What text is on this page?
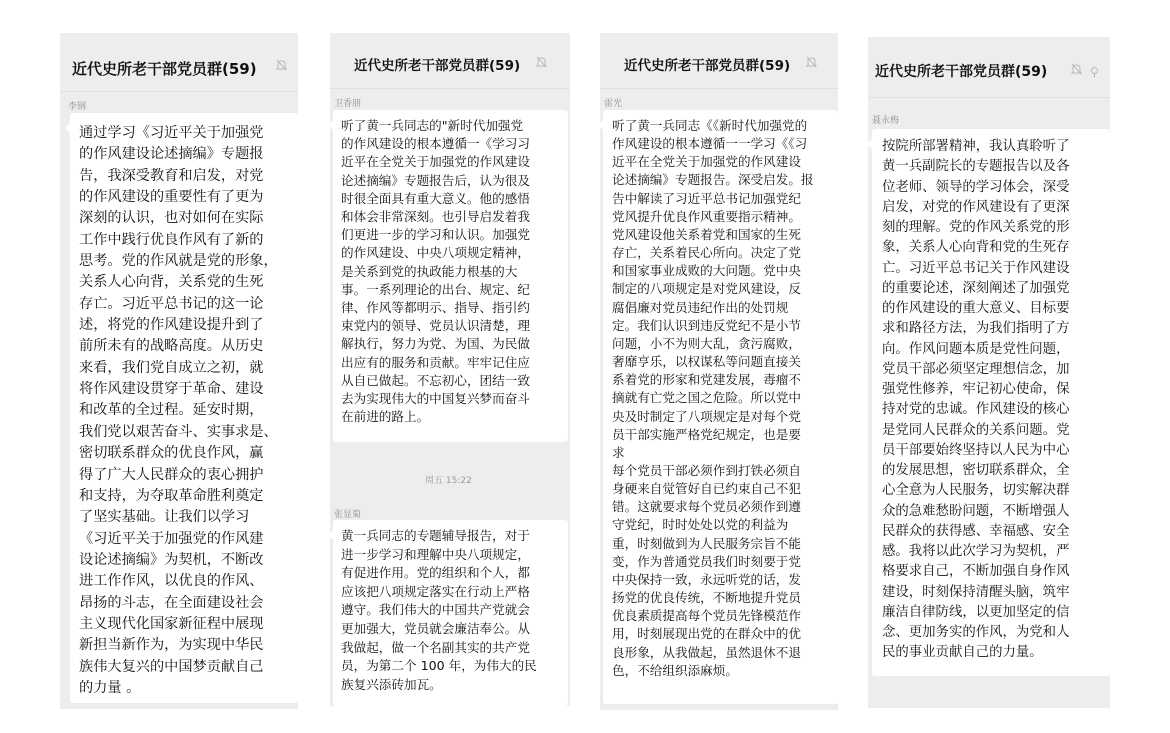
近代史所老干部党员群(59)
李钢
通过学习《习近平关于加强党
的作风建设论述摘编》专题报
告，我深受教育和启发，对党
的作风建设的重要性有了更为
深刻的认识，也对如何在实际
工作中践行优良作风有了新的
思考。党的作风就是党的形象，
关系人心向背，关系党的生死
存亡。习近平总书记的这一论
述，将党的作风建设提升到了
前所未有的战略高度。从历史
来看，我们党自成立之初，就
将作风建设贯穿于革命、建设
和改革的全过程。延安时期，
我们党以艰苦奋斗、实事求是、
密切联系群众的优良作风，赢
得了广大人民群众的衷心拥护
和支持，为夺取革命胜利奠定
了坚实基础。让我们以学习
《习近平关于加强党的作风建
设论述摘编》为契机，不断改
进工作作风，以优良的作风、
昂扬的斗志，在全面建设社会
主义现代化国家新征程中展现
新担当新作为，为实现中华民
族伟大复兴的中国梦贡献自己
的力量 。
近代史所老干部党员群(59)
卫香朋
听了黄一兵同志的"新时代加强党
的作风建设的根本遵循一《学习习
近平在全党关于加强党的作风建设
论述摘编》专题报告后，认为很及
时很全面具有重大意义。他的感悟
和体会非常深刻。也引导启发着我
们更进一步的学习和认识。加强党
的作风建设、中央八项规定精神，
是关系到党的执政能力根基的大
事。一系列理论的出台、规定、纪
律、作风等都明示、指导、指引约
束党内的领导、党员认识清楚，理
解执行，努力为党、为国、为民做
出应有的服务和贡献。牢牢记住应
从自已做起。不忘初心，团结一致
去为实现伟大的中国复兴梦而奋斗
在前进的路上。
周五 15:22
张显菊
黄一兵同志的专题辅导报告，对于
进一步学习和理解中央八项规定，
有促进作用。党的组织和个人，都
应该把八项规定落实在行动上严格
遵守。我们伟大的中国共产党就会
更加强大，党员就会廉洁奉公。从
我做起，做一个名副其实的共产党
员，为第二个 100 年，为伟大的民
族复兴添砖加瓦。
近代史所老干部党员群(59)
雷光
听了黄一兵同志《《新时代加强党的
作风建设的根本遵循一一学习《《习
近平在全党关于加强党的作风建设
论述摘编》专题报告。深受启发。报
告中解读了习近平总书记加强党纪
党风提升优良作风重要指示精神。
党风建设他关系着党和国家的生死
存亡，关系着民心所向。决定了党
和国家事业成败的大问题。党中央
制定的八项规定是对党风建设，反
腐倡廉对党员违纪作出的处罚规
定。我们认识到违反党纪不是小节
问题，小不为则大乱，贪污腐败，
奢靡亨乐，以权谋私等问题直接关
系着党的形家和党建发展，毒瘤不
摘就有亡党之国之危险。所以党中
央及时制定了八项规定是对每个党
员干部实施严格党纪规定，也是要
求
每个党员干部必须作到打铁必须自
身硬来自觉管好自已约束自己不犯
错。这就要求每个党员必须作到遵
守党纪，时时处处以党的利益为
重，时刻做到为人民服务宗旨不能
变，作为普通党员我们时刻要于党
中央保持一致，永远听党的话，发
扬党的优良传统，不断地提升党员
优良素质提高每个党员先锋模范作
用，时刻展现出党的在群众中的优
良形象，从我做起，虽然退休不退
色，不给组织添麻烦。
近代史所老干部党员群(59)
聂永梅
按院所部署精神，我认真聆听了
黄一兵副院长的专题报告以及各
位老师、领导的学习体会，深受
启发，对党的作风建设有了更深
刻的理解。党的作风关系党的形
象，关系人心向背和党的生死存
亡。习近平总书记关于作风建设
的重要论述，深刻阐述了加强党
的作风建设的重大意义、目标要
求和路径方法，为我们指明了方
向。作风问题本质是党性问题，
党员干部必须坚定理想信念，加
强党性修养，牢记初心使命，保
持对党的忠诚。作风建设的核心
是党同人民群众的关系问题。党
员干部要始终坚持以人民为中心
的发展思想，密切联系群众，全
心全意为人民服务，切实解决群
众的急难愁盼问题，不断增强人
民群众的获得感、幸福感、安全
感。我将以此次学习为契机，严
格要求自己，不断加强自身作风
建设，时刻保持清醒头脑，筑牢
廉洁自律防线，以更加坚定的信
念、更加务实的作风，为党和人
民的事业贡献自己的力量。
